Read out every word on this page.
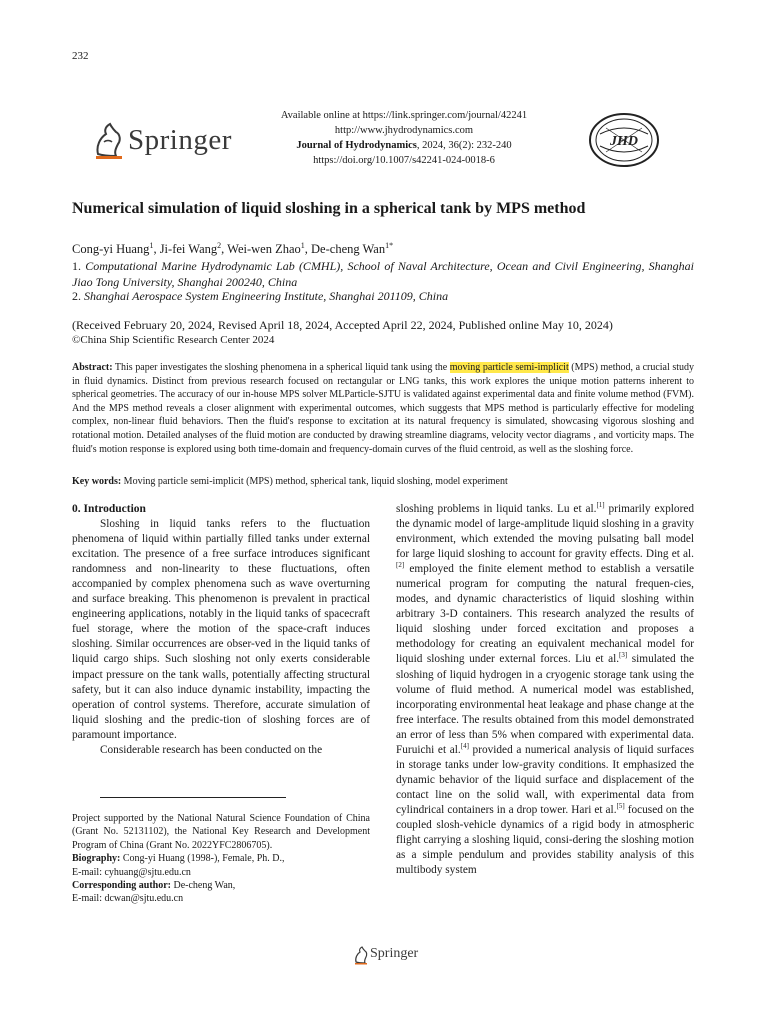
232
Springer
Available online at https://link.springer.com/journal/42241
http://www.jhydrodynamics.com
Journal of Hydrodynamics, 2024, 36(2): 232-240
https://doi.org/10.1007/s42241-024-0018-6
JHD
Numerical simulation of liquid sloshing in a spherical tank by MPS method
Cong-yi Huang$^1$, Ji-fei Wang$^2$, Wei-wen Zhao$^1$, De-cheng Wan$^{1*}$
1. Computational Marine Hydrodynamic Lab (CMHL), School of Naval Architecture, Ocean and Civil Engineering, Shanghai Jiao Tong University, Shanghai 200240, China
2. Shanghai Aerospace System Engineering Institute, Shanghai 201109, China
(Received February 20, 2024, Revised April 18, 2024, Accepted April 22, 2024, Published online May 10, 2024)
©China Ship Scientific Research Center 2024
Abstract: This paper investigates the sloshing phenomena in a spherical liquid tank using the moving particle semi-implicit (MPS) method, a crucial study in fluid dynamics. Distinct from previous research focused on rectangular or LNG tanks, this work explores the unique motion patterns inherent to spherical geometries. The accuracy of our in-house MPS solver MLParticle-SJTU is validated against experimental data and finite volume method (FVM). And the MPS method reveals a closer alignment with experimental outcomes, which suggests that MPS method is particularly effective for modeling complex, non-linear fluid behaviors. Then the fluid's response to excitation at its natural frequency is simulated, showcasing vigorous sloshing and rotational motion. Detailed analyses of the fluid motion are conducted by drawing streamline diagrams, velocity vector diagrams , and vorticity maps. The fluid's motion response is explored using both time-domain and frequency-domain curves of the fluid centroid, as well as the sloshing force.
Key words: Moving particle semi-implicit (MPS) method, spherical tank, liquid sloshing, model experiment

0. Introduction

Sloshing in liquid tanks refers to the fluctuation phenomena of liquid within partially filled tanks under external excitation. The presence of a free surface introduces significant randomness and non-linearity to these fluctuations, often accompanied by complex phenomena such as wave overturning and surface breaking. This phenomenon is prevalent in practical engineering applications, notably in the liquid tanks of spacecraft fuel storage, where the motion of the space-craft induces sloshing. Similar occurrences are obser-ved in the liquid tanks of liquid cargo ships. Such sloshing not only exerts considerable impact pressure on the tank walls, potentially affecting structural safety, but it can also induce dynamic instability, impacting the operation of control systems. Therefore, accurate simulation of liquid sloshing and the predic-tion of sloshing forces are of paramount importance.

Considerable research has been conducted on the

sloshing problems in liquid tanks. Lu et al.[1] primarily explored the dynamic model of large-amplitude liquid sloshing in a gravity environment, which extended the moving pulsating ball model for large liquid sloshing to account for gravity effects. Ding et al.[2] employed the finite element method to establish a versatile numerical program for computing the natural frequen-cies, modes, and dynamic characteristics of liquid sloshing within arbitrary 3-D containers. This research analyzed the results of liquid sloshing under forced excitation and proposes a methodology for creating an equivalent mechanical model for liquid sloshing under external forces. Liu et al.[3] simulated the sloshing of liquid hydrogen in a cryogenic storage tank using the volume of fluid method. A numerical model was established, incorporating environmental heat leakage and phase change at the free interface. The results obtained from this model demonstrated an error of less than 5% when compared with experimental data. Furuichi et al.[4] provided a numerical analysis of liquid surfaces in storage tanks under low-gravity conditions. It emphasized the dynamic behavior of the liquid surface and displacement of the contact line on the solid wall, with experimental data from cylindrical containers in a drop tower. Hari et al.[5] focused on the coupled slosh-vehicle dynamics of a rigid body in atmospheric flight carrying a sloshing liquid, consi-dering the sloshing motion as a simple pendulum and provides stability analysis of this multibody system

Project supported by the National Natural Science Foundation of China (Grant No. 52131102), the National Key Research and Development Program of China (Grant No. 2022YFC2806705).

Biography: Cong-yi Huang (1998-), Female, Ph. D.,

E-mail: cyhuang@sjtu.edu.cn

Corresponding author: De-cheng Wan,

E-mail: dcwan@sjtu.edu.cn

Springer
